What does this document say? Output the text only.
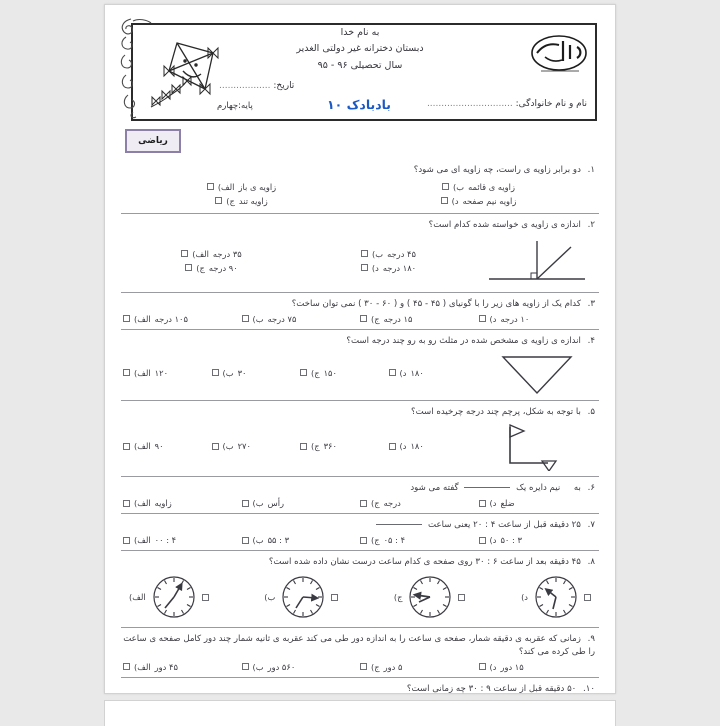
به نام خدا
دبستان دخترانه غیر دولتی الغدیر
سال تحصیلی ۹۶ - ۹۵
نام و نام خانوادگی: ..............................
بادبادک ۱۰
تاریخ: ..................
پایه:چهارم
ریاضی
۱. دو برابر زاویه ی راست، چه زاویه ای می شود؟
الف) زاویه ی باز	ب) زاویه ی قائمه
ج) زاویه تند	د) زاویه نیم صفحه
۲. اندازه ی زاویه ی خواسته شده کدام است؟
الف) ۳۵ درجه	ب) ۴۵ درجه
ج) ۹۰ درجه	د) ۱۸۰ درجه
۳. کدام یک از زاویه های زیر را با گونیای ( ۴۵ - ۴۵ ) و ( ۶۰ - ۳۰ ) نمی توان ساخت؟
الف) ۱۰۵ درجه	ب) ۷۵ درجه	ج) ۱۵ درجه	د) ۱۰ درجه
۴. اندازه ی زاویه ی مشخص شده در مثلث رو به رو چند درجه است؟
الف) ۱۲۰	ب) ۳۰	ج) ۱۵۰	د) ۱۸۰
۵. با توجه به شکل، پرچم چند درجه چرخیده است؟
الف) ۹۰	ب) ۲۷۰	ج) ۳۶۰	د) ۱۸۰
۶. به     نیم دایره یک  گفته می شود
الف) زاویه	ب) رأس	ج) درجه	د) ضلع
۷. ۲۵ دقیقه قبل از ساعت ۴ : ۲۰ یعنی ساعت
الف) ۴ : ۰۰	ب) ۳ : ۵۵	ج) ۴ : ۰۵	د) ۳ : ۵۰
۸. ۴۵ دقیقه بعد از ساعت ۶ : ۳۰ روی صفحه ی کدام ساعت درست نشان داده شده است؟
الف)	ب)	ج)	د)
۹. زمانی که عقربه ی دقیقه شمار، صفحه ی ساعت را به اندازه دور طی می کند عقربه ی ثانیه شمار چند دور کامل صفحه ی ساعت را طی کرده می کند؟
الف) ۴۵ دور	ب) ۵۶۰ دور	ج) ۵ دور	د) ۱۵ دور
۱۰. ۵۰ دقیقه قبل از ساعت ۹ : ۳۰ چه زمانی است؟
